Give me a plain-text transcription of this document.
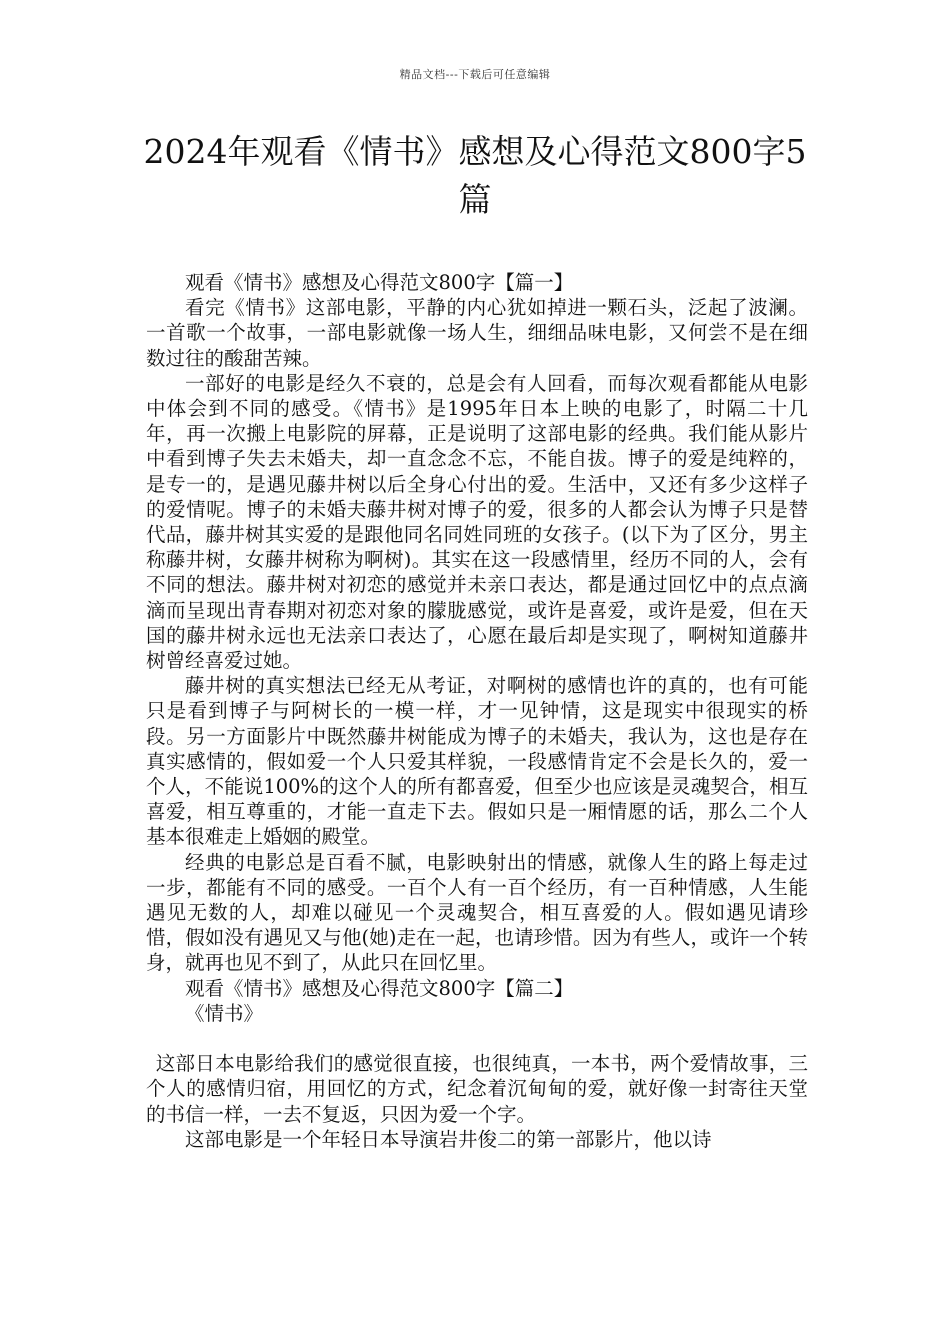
精品文档---下载后可任意编辑
2024年观看《情书》感想及心得范文800字5篇

观看《情书》感想及心得范文800字【篇一】

看完《情书》这部电影，平静的内心犹如掉进一颗石头，泛起了波澜。一首歌一个故事，一部电影就像一场人生，细细品味电影，又何尝不是在细数过往的酸甜苦辣。

一部好的电影是经久不衰的，总是会有人回看，而每次观看都能从电影中体会到不同的感受。《情书》是1995年日本上映的电影了，时隔二十几年，再一次搬上电影院的屏幕，正是说明了这部电影的经典。我们能从影片中看到博子失去未婚夫，却一直念念不忘，不能自拔。博子的爱是纯粹的，是专一的，是遇见藤井树以后全身心付出的爱。生活中，又还有多少这样子的爱情呢。博子的未婚夫藤井树对博子的爱，很多的人都会认为博子只是替代品，藤井树其实爱的是跟他同名同姓同班的女孩子。(以下为了区分，男主称藤井树，女藤井树称为啊树)。其实在这一段感情里，经历不同的人，会有不同的想法。藤井树对初恋的感觉并未亲口表达，都是通过回忆中的点点滴滴而呈现出青春期对初恋对象的朦胧感觉，或许是喜爱，或许是爱，但在天国的藤井树永远也无法亲口表达了，心愿在最后却是实现了，啊树知道藤井树曾经喜爱过她。

藤井树的真实想法已经无从考证，对啊树的感情也许的真的，也有可能只是看到博子与阿树长的一模一样，才一见钟情，这是现实中很现实的桥段。另一方面影片中既然藤井树能成为博子的未婚夫，我认为，这也是存在真实感情的，假如爱一个人只爱其样貌，一段感情肯定不会是长久的，爱一个人，不能说100%的这个人的所有都喜爱，但至少也应该是灵魂契合，相互喜爱，相互尊重的，才能一直走下去。假如只是一厢情愿的话，那么二个人基本很难走上婚姻的殿堂。

经典的电影总是百看不腻，电影映射出的情感，就像人生的路上每走过一步，都能有不同的感受。一百个人有一百个经历，有一百种情感，人生能遇见无数的人，却难以碰见一个灵魂契合，相互喜爱的人。假如遇见请珍惜，假如没有遇见又与他(她)走在一起，也请珍惜。因为有些人，或许一个转身，就再也见不到了，从此只在回忆里。

观看《情书》感想及心得范文800字【篇二】

《情书》

这部日本电影给我们的感觉很直接，也很纯真，一本书，两个爱情故事，三个人的感情归宿，用回忆的方式，纪念着沉甸甸的爱，就好像一封寄往天堂的书信一样，一去不复返，只因为爱一个字。

这部电影是一个年轻日本导演岩井俊二的第一部影片，他以诗
